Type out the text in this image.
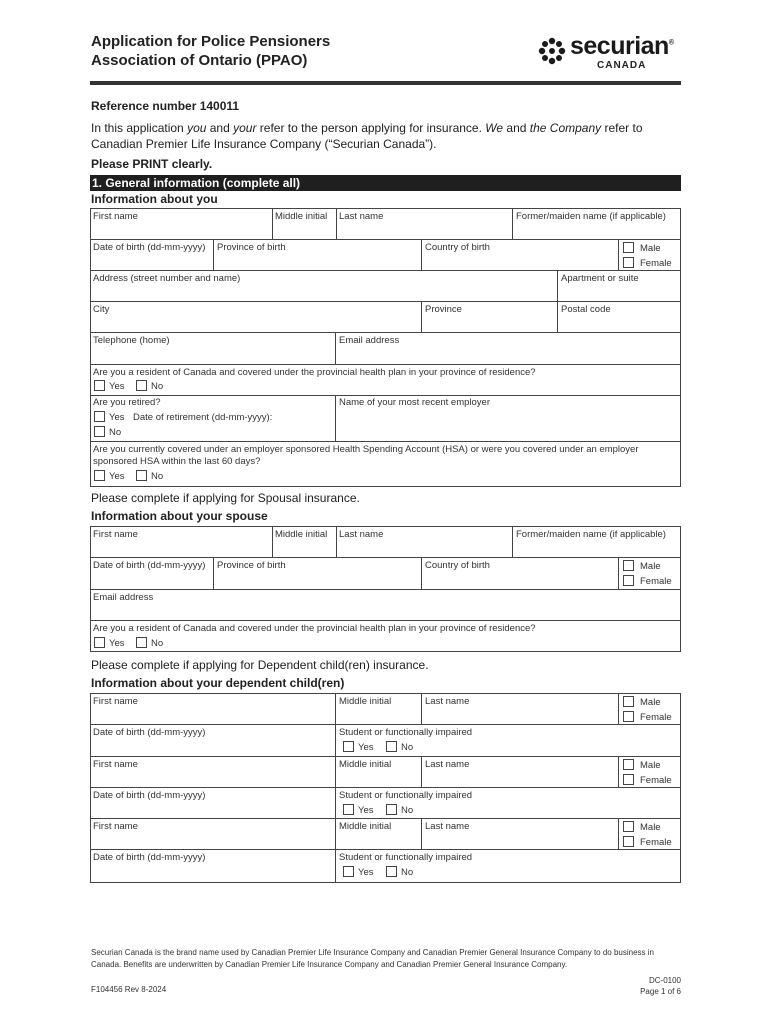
Application for Police Pensioners
Association of Ontario (PPAO)
securian®
CANADA
Reference number 140011
In this application you and your refer to the person applying for insurance. We and the Company refer to Canadian Premier Life Insurance Company (“Securian Canada”).
Please PRINT clearly.
1. General information (complete all)
Information about you
First name	Middle initial Last name	Former/maiden name (if applicable)
Date of birth (dd-mm-yyyy) Province of birth	Country of birth	Male
Female
Address (street number and name)	Apartment or suite
City	Province	Postal code
Telephone (home)	Email address
Are you a resident of Canada and covered under the provincial health plan in your province of residence?
Yes	No
Are you retired?
Yes Date of retirement (dd-mm-yyyy):
No
Name of your most recent employer
Are you currently covered under an employer sponsored Health Spending Account (HSA) or were you covered under an employer
sponsored HSA within the last 60 days?
Yes	No
Please complete if applying for Spousal insurance.
Information about your spouse
First name	Middle initial Last name	Former/maiden name (if applicable)
Date of birth (dd-mm-yyyy) Province of birth	Country of birth	Male
Female
Email address
Are you a resident of Canada and covered under the provincial health plan in your province of residence?
Yes	No
Please complete if applying for Dependent child(ren) insurance.
Information about your dependent child(ren)
First name	Middle initial	Last name	Male
Female
Date of birth (dd-mm-yyyy)	Student or functionally impaired
Yes	No
First name	Middle initial	Last name	Male
Female
Date of birth (dd-mm-yyyy)	Student or functionally impaired
Yes	No
First name	Middle initial	Last name	Male
Female
Date of birth (dd-mm-yyyy)	Student or functionally impaired
Yes	No
Securian Canada is the brand name used by Canadian Premier Life Insurance Company and Canadian Premier General Insurance Company to do business in Canada. Benefits are underwritten by Canadian Premier Life Insurance Company and Canadian Premier General Insurance Company.
F104456 Rev 8-2024
DC-0100
Page 1 of 6
